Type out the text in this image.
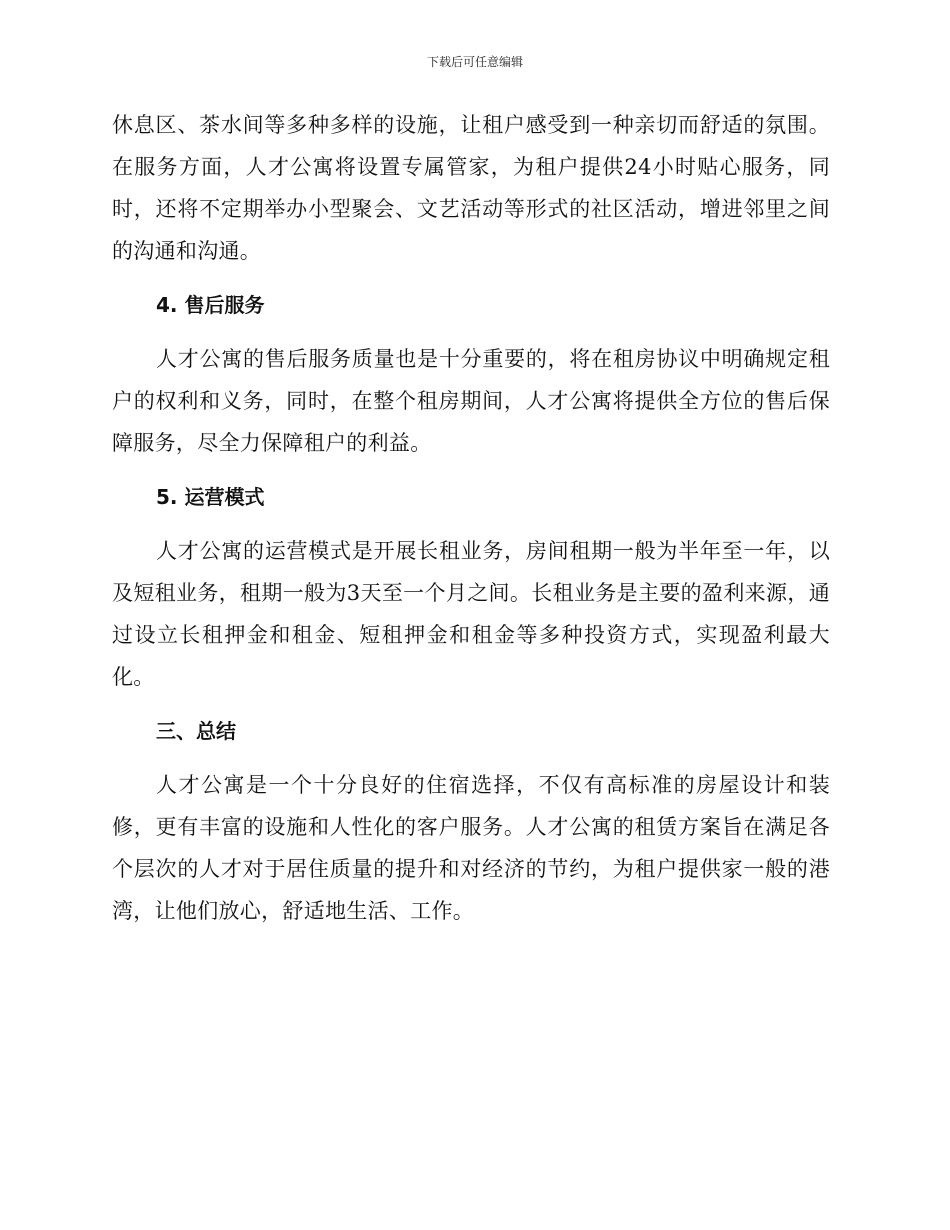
下载后可任意编辑

休息区、茶水间等多种多样的设施，让租户感受到一种亲切而舒适的氛围。在服务方面，人才公寓将设置专属管家，为租户提供24小时贴心服务，同时，还将不定期举办小型聚会、文艺活动等形式的社区活动，增进邻里之间的沟通和沟通。

4. 售后服务

人才公寓的售后服务质量也是十分重要的，将在租房协议中明确规定租户的权利和义务，同时，在整个租房期间，人才公寓将提供全方位的售后保障服务，尽全力保障租户的利益。

5. 运营模式

人才公寓的运营模式是开展长租业务，房间租期一般为半年至一年，以及短租业务，租期一般为3天至一个月之间。长租业务是主要的盈利来源，通过设立长租押金和租金、短租押金和租金等多种投资方式，实现盈利最大化。

三、总结

人才公寓是一个十分良好的住宿选择，不仅有高标准的房屋设计和装修，更有丰富的设施和人性化的客户服务。人才公寓的租赁方案旨在满足各个层次的人才对于居住质量的提升和对经济的节约，为租户提供家一般的港湾，让他们放心，舒适地生活、工作。
